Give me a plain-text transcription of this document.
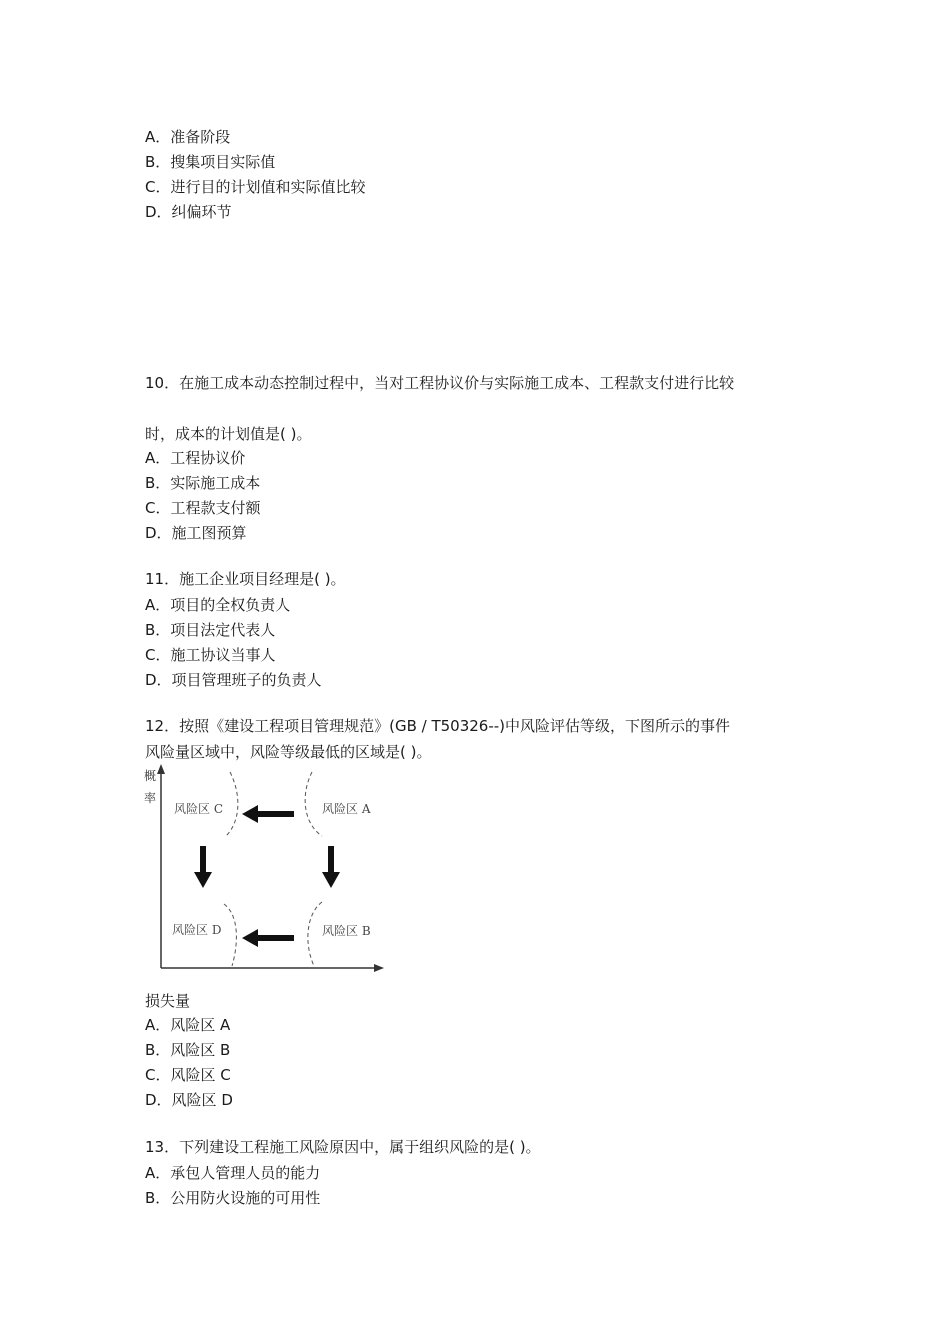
A．准备阶段
B．搜集项目实际值
C．进行目的计划值和实际值比较
D．纠偏环节
10．在施工成本动态控制过程中，当对工程协议价与实际施工成本、工程款支付进行比较
时，成本的计划值是( )。
A．工程协议价
B．实际施工成本
C．工程款支付额
D．施工图预算
11．施工企业项目经理是( )。
A．项目的全权负责人
B．项目法定代表人
C．施工协议当事人
D．项目管理班子的负责人
12．按照《建设工程项目管理规范》(GB / T50326--)中风险评估等级，下图所示的事件
风险量区域中，风险等级最低的区域是( )。
概
率
风险区 C	风险区 A
风险区 D	风险区 B
损失量
A．风险区 A
B．风险区 B
C．风险区 C
D．风险区 D
13．下列建设工程施工风险原因中，属于组织风险的是( )。
A．承包人管理人员的能力
B．公用防火设施的可用性
